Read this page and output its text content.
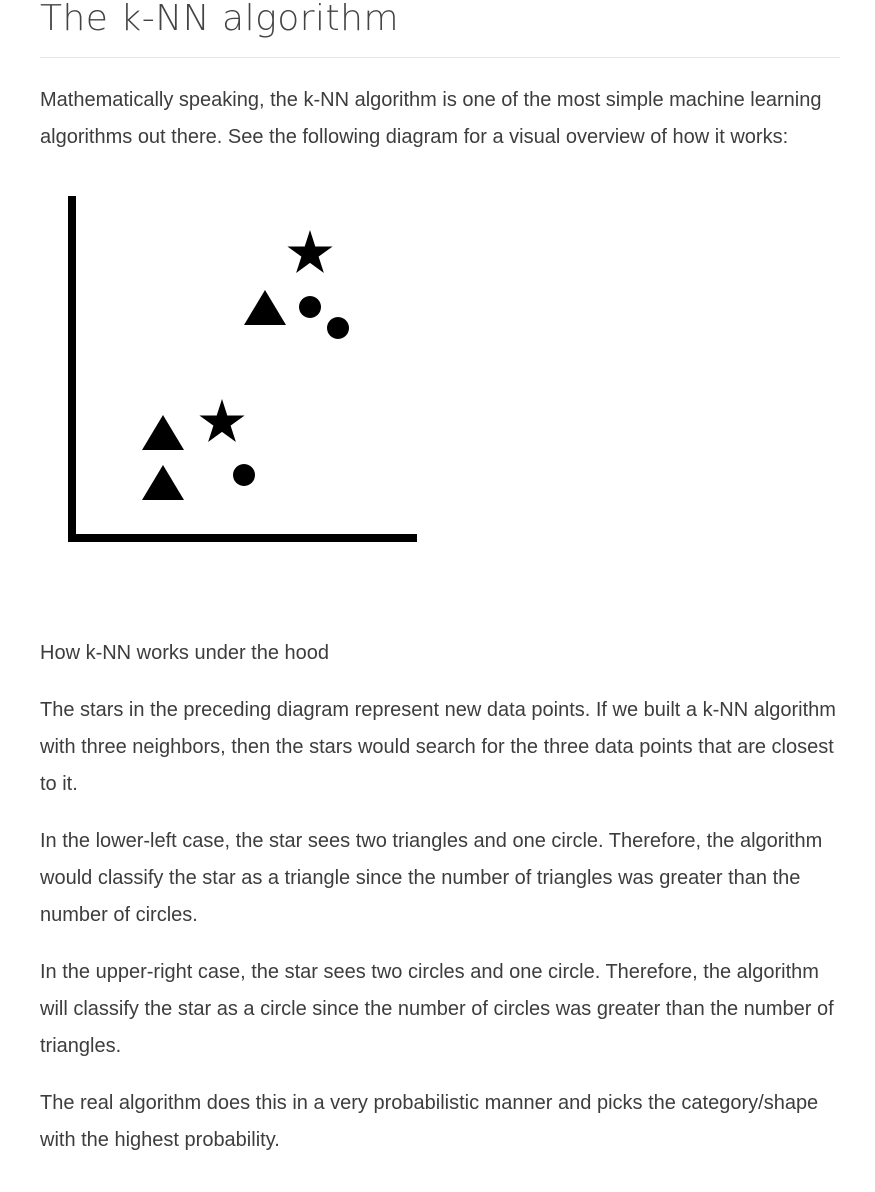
The k-NN algorithm

Mathematically speaking, the k-NN algorithm is one of the most simple machine learning algorithms out there. See the following diagram for a visual overview of how it works:

How k-NN works under the hood

The stars in the preceding diagram represent new data points. If we built a k-NN algorithm with three neighbors, then the stars would search for the three data points that are closest to it.

In the lower-left case, the star sees two triangles and one circle. Therefore, the algorithm would classify the star as a triangle since the number of triangles was greater than the number of circles.

In the upper-right case, the star sees two circles and one circle. Therefore, the algorithm will classify the star as a circle since the number of circles was greater than the number of triangles.

The real algorithm does this in a very probabilistic manner and picks the category/shape with the highest probability.
